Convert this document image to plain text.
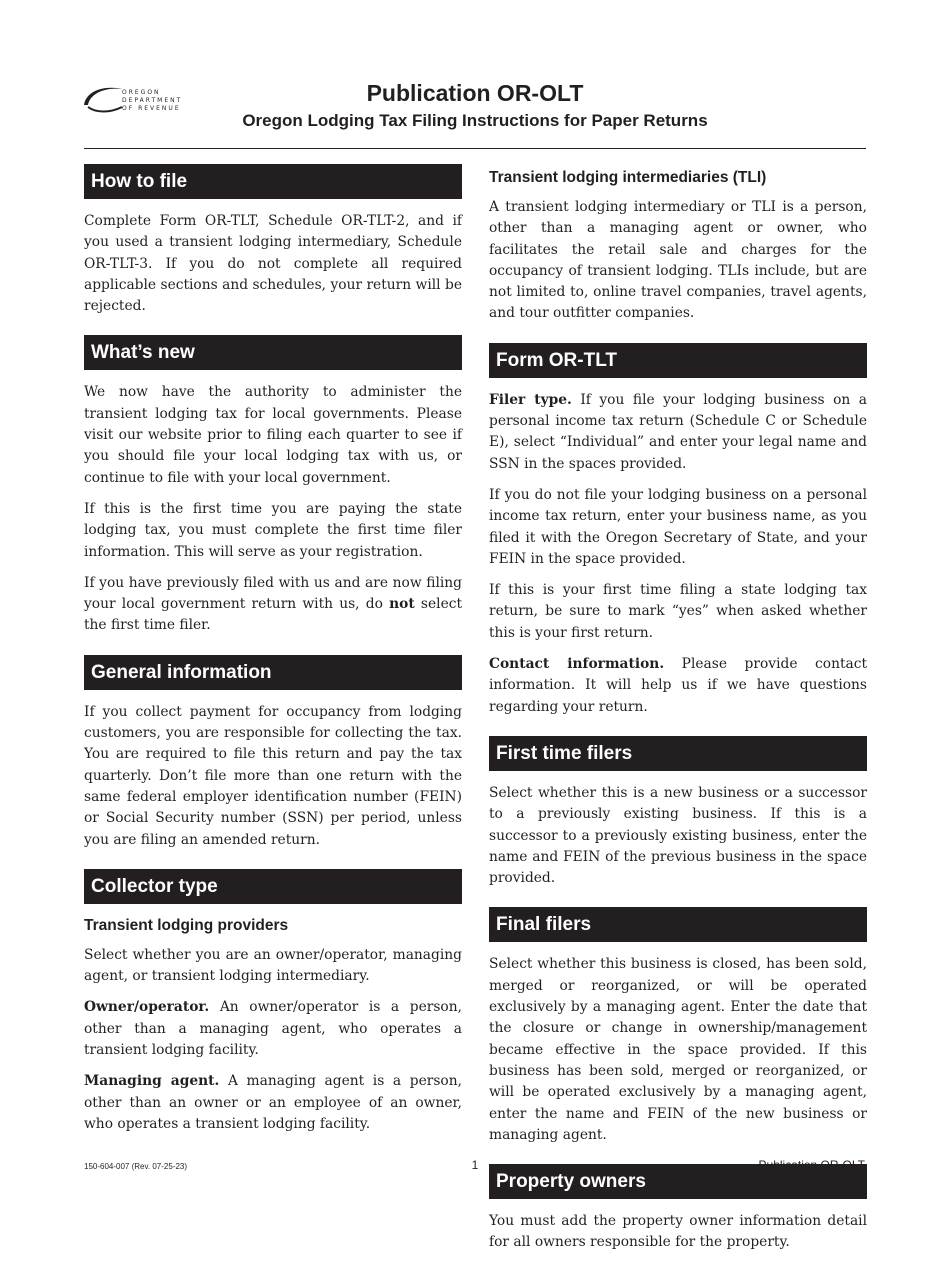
OREGON
DEPARTMENT
OF REVENUE
Publication OR-OLT
Oregon Lodging Tax Filing Instructions for Paper Returns
How to file

Complete Form OR-TLT, Schedule OR-TLT-2, and if you used a transient lodging intermediary, Schedule OR-TLT-3. If you do not complete all required applicable sections and schedules, your return will be rejected.

What’s new

We now have the authority to administer the transient lodging tax for local governments. Please visit our website prior to filing each quarter to see if you should file your local lodging tax with us, or continue to file with your local government.

If this is the first time you are paying the state lodging tax, you must complete the first time filer information. This will serve as your registration.

If you have previously filed with us and are now filing your local government return with us, do not select the first time filer.

General information

If you collect payment for occupancy from lodging customers, you are responsible for collecting the tax. You are required to file this return and pay the tax quarterly. Don’t file more than one return with the same federal employer identification number (FEIN) or Social Security number (SSN) per period, unless you are filing an amended return.

Collector type
Transient lodging providers

Select whether you are an owner/operator, managing agent, or transient lodging intermediary.

Owner/operator. An owner/operator is a person, other than a managing agent, who operates a transient lodging facility.

Managing agent. A managing agent is a person, other than an owner or an employee of an owner, who operates a transient lodging facility.

Transient lodging intermediaries (TLI)

A transient lodging intermediary or TLI is a person, other than a managing agent or owner, who facilitates the retail sale and charges for the occupancy of transient lodging. TLIs include, but are not limited to, online travel companies, travel agents, and tour outfitter companies.

Form OR-TLT

Filer type. If you file your lodging business on a personal income tax return (Schedule C or Schedule E), select “Individual” and enter your legal name and SSN in the spaces provided.

If you do not file your lodging business on a personal income tax return, enter your business name, as you filed it with the Oregon Secretary of State, and your FEIN in the space provided.

If this is your first time filing a state lodging tax return, be sure to mark “yes” when asked whether this is your first return.

Contact information. Please provide contact information. It will help us if we have questions regarding your return.

First time filers

Select whether this is a new business or a successor to a previously existing business. If this is a successor to a previously existing business, enter the name and FEIN of the previous business in the space provided.

Final filers

Select whether this business is closed, has been sold, merged or reorganized, or will be operated exclusively by a managing agent. Enter the date that the closure or change in ownership/management became effective in the space provided. If this business has been sold, merged or reorganized, or will be operated exclusively by a managing agent, enter the name and FEIN of the new business or managing agent.

Property owners

You must add the property owner information detail for all owners responsible for the property.

150-604-007 (Rev. 07-25-23)	1	Publication OR-OLT
